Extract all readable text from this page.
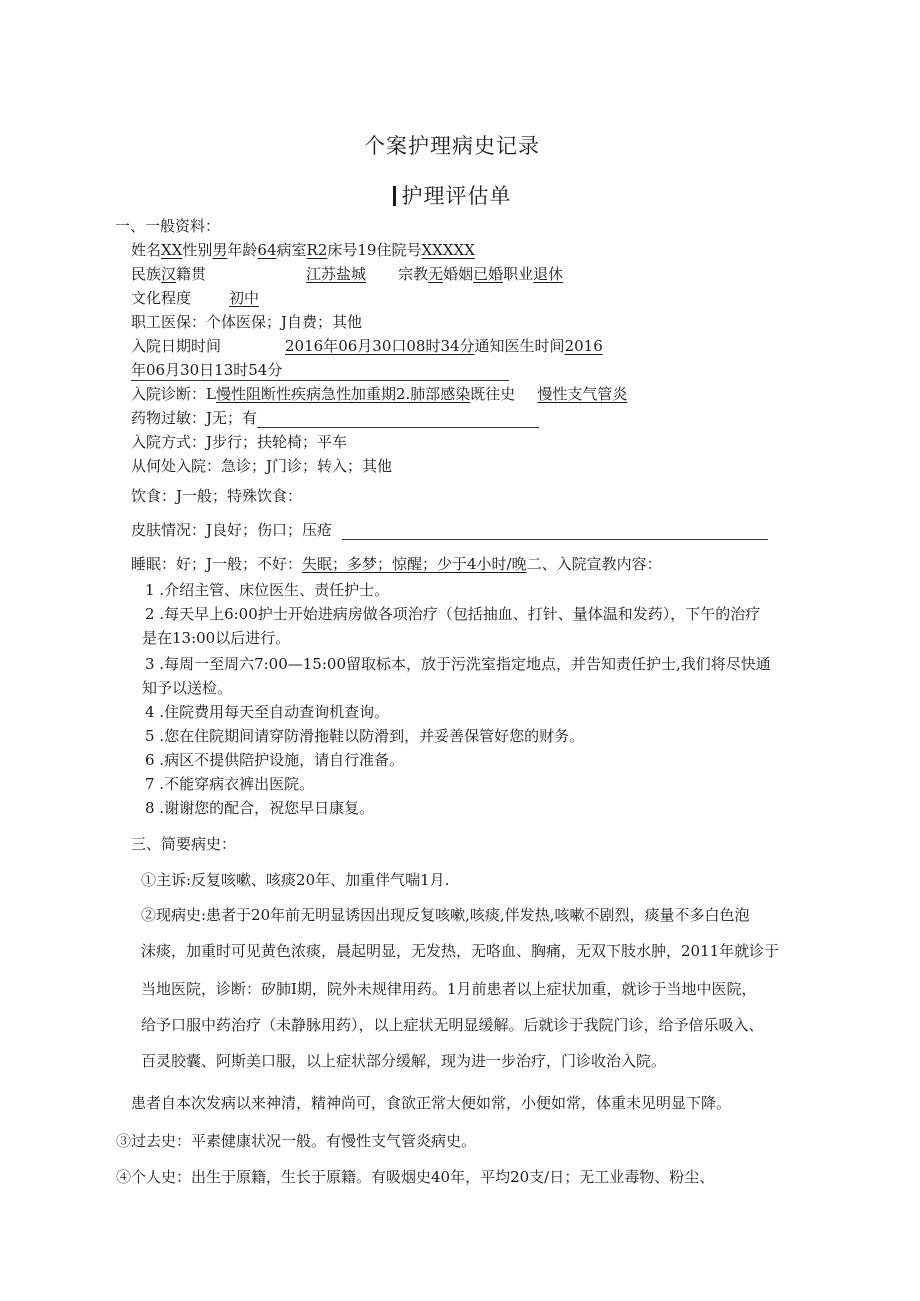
个案护理病史记录
护理评估单
一、一般资料：
姓名XX性别男年龄64病室R2床号19住院号XXXXX
民族汉籍贯	江苏盐城 宗教无婚姻已婚职业退休
文化程度	初中
职工医保：个体医保；J自费；其他
入院日期时间	2016年06月30口08时34分通知医生时间2016
年06月30日13时54分
入院诊断：L慢性阻断性疾病急性加重期2.肺部感染既往史 慢性支气管炎
药物过敏：J无；有
入院方式：J步行；扶轮椅；平车
从何处入院：急诊；J门诊；转入；其他
饮食：J一般；特殊饮食：
皮肤情况：J良好；伤口；压疮
睡眠：好；J一般；不好：失眠；多梦；惊醒；少于4小时/晚二、入院宣教内容：
1 .介绍主管、床位医生、责任护士。
2 .每天早上6:00护士开始进病房做各项治疗（包括抽血、打针、量体温和发药），下午的治疗
是在13:00以后进行。
3 .每周一至周六7:00—15:00留取标本，放于污洗室指定地点，并告知责任护士,我们将尽快通
知予以送检。
4 .住院费用每天至自动查询机查询。
5 .您在住院期间请穿防滑拖鞋以防滑到，并妥善保管好您的财务。
6 .病区不提供陪护设施，请自行准备。
7 .不能穿病衣裤出医院。
8 .谢谢您的配合，祝您早日康复。
三、简要病史：
①主诉:反复咳嗽、咳痰20年、加重伴气喘1月.
②现病史:患者于20年前无明显诱因出现反复咳嗽,咳痰,伴发热,咳嗽不剧烈，痰量不多白色泡
沫痰，加重时可见黄色浓痰，晨起明显，无发热，无咯血、胸痛，无双下肢水肿，2011年就诊于
当地医院，诊断：矽肺I期，院外未规律用药。1月前患者以上症状加重，就诊于当地中医院，
给予口服中药治疗（未静脉用药），以上症状无明显缓解。后就诊于我院门诊，给予倍乐吸入、
百灵胶囊、阿斯美口服，以上症状部分缓解，现为进一步治疗，门诊收治入院。
患者自本次发病以来神清，精神尚可，食欲正常大便如常，小便如常，体重未见明显下降。
③过去史：平素健康状况一般。有慢性支气管炎病史。
④个人史：出生于原籍，生长于原籍。有吸烟史40年，平均20支/日；无工业毒物、粉尘、
